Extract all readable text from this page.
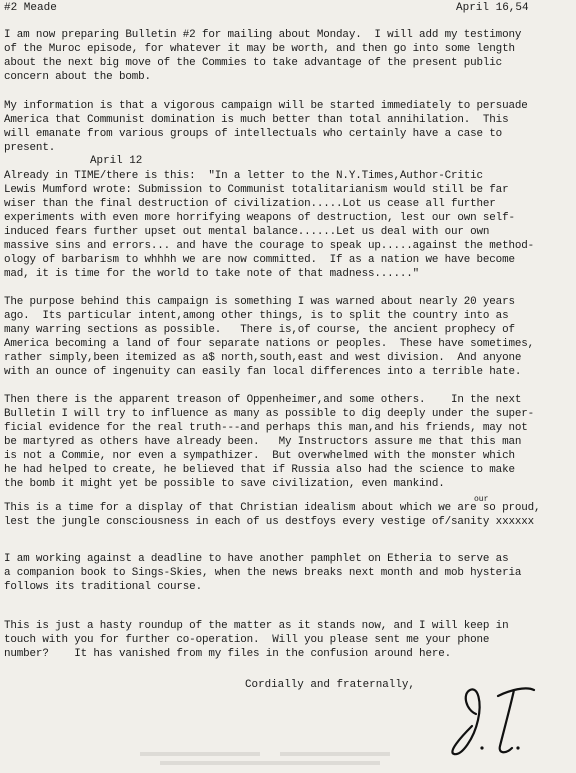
#2 Meade	April 16,54
I am now preparing Bulletin #2 for mailing about Monday.  I will add my testimony
of the Muroc episode, for whatever it may be worth, and then go into some length
about the next big move of the Commies to take advantage of the present public
concern about the bomb.
My information is that a vigorous campaign will be started immediately to persuade
America that Communist domination is much better than total annihilation.  This
will emanate from various groups of intellectuals who certainly have a case to
present.
April 12
Already in TIME/there is this:  "In a letter to the N.Y.Times,Author-Critic
Lewis Mumford wrote: Submission to Communist totalitarianism would still be far
wiser than the final destruction of civilization.....Lot us cease all further
experiments with even more horrifying weapons of destruction, lest our own self-
induced fears further upset out mental balance......Let us deal with our own
massive sins and errors... and have the courage to speak up.....against the method-
ology of barbarism to whhhh we are now committed.  If as a nation we have become
mad, it is time for the world to take note of that madness......"
The purpose behind this campaign is something I was warned about nearly 20 years
ago.  Its particular intent,among other things, is to split the country into as
many warring sections as possible.   There is,of course, the ancient prophecy of
America becoming a land of four separate nations or peoples.  These have sometimes,
rather simply,been itemized as a$ north,south,east and west division.  And anyone
with an ounce of ingenuity can easily fan local differences into a terrible hate.
Then there is the apparent treason of Oppenheimer,and some others.    In the next
Bulletin I will try to influence as many as possible to dig deeply under the super-
ficial evidence for the real truth---and perhaps this man,and his friends, may not
be martyred as others have already been.   My Instructors assure me that this man
is not a Commie, nor even a sympathizer.  But overwhelmed with the monster which
he had helped to create, he believed that if Russia also had the science to make
the bomb it might yet be possible to save civilization, even mankind.
our
This is a time for a display of that Christian idealism about which we are so proud,
lest the jungle consciousness in each of us destfoys every vestige of/sanity xxxxxx
I am working against a deadline to have another pamphlet on Etheria to serve as
a companion book to Sings-Skies, when the news breaks next month and mob hysteria
follows its traditional course.
This is just a hasty roundup of the matter as it stands now, and I will keep in
touch with you for further co-operation.  Will you please sent me your phone
number?    It has vanished from my files in the confusion around here.
Cordially and fraternally,
